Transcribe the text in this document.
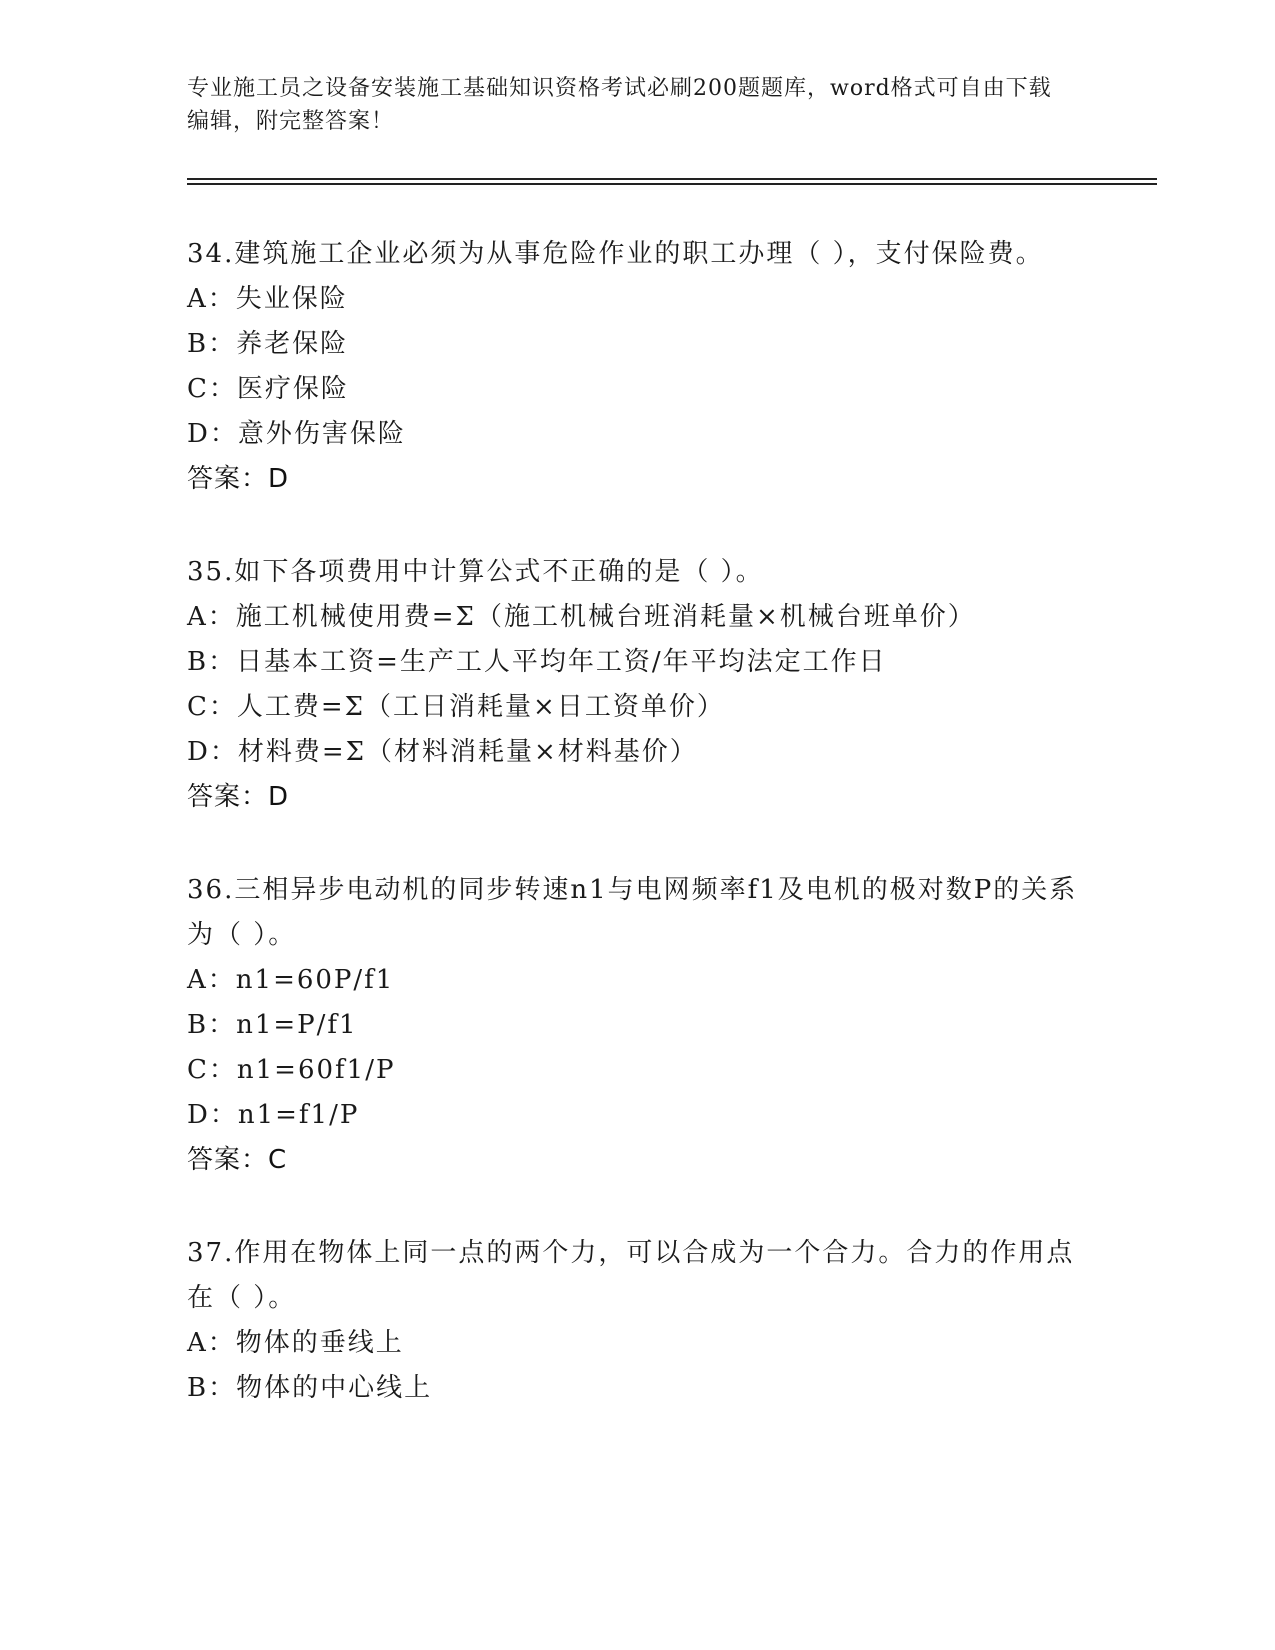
专业施工员之设备安装施工基础知识资格考试必刷200题题库，word格式可自由下载编辑，附完整答案！
34.建筑施工企业必须为从事危险作业的职工办理（ ），支付保险费。
A：失业保险
B：养老保险
C：医疗保险
D：意外伤害保险
答案：D
35.如下各项费用中计算公式不正确的是（ ）。
A：施工机械使用费=Σ（施工机械台班消耗量×机械台班单价）
B：日基本工资=生产工人平均年工资/年平均法定工作日
C：人工费=Σ（工日消耗量×日工资单价）
D：材料费=Σ（材料消耗量×材料基价）
答案：D
36.三相异步电动机的同步转速n1与电网频率f1及电机的极对数P的关系为（ ）。
A：n1=60P/f1
B：n1=P/f1
C：n1=60f1/P
D：n1=f1/P
答案：C
37.作用在物体上同一点的两个力，可以合成为一个合力。合力的作用点在（ ）。
A：物体的垂线上
B：物体的中心线上
